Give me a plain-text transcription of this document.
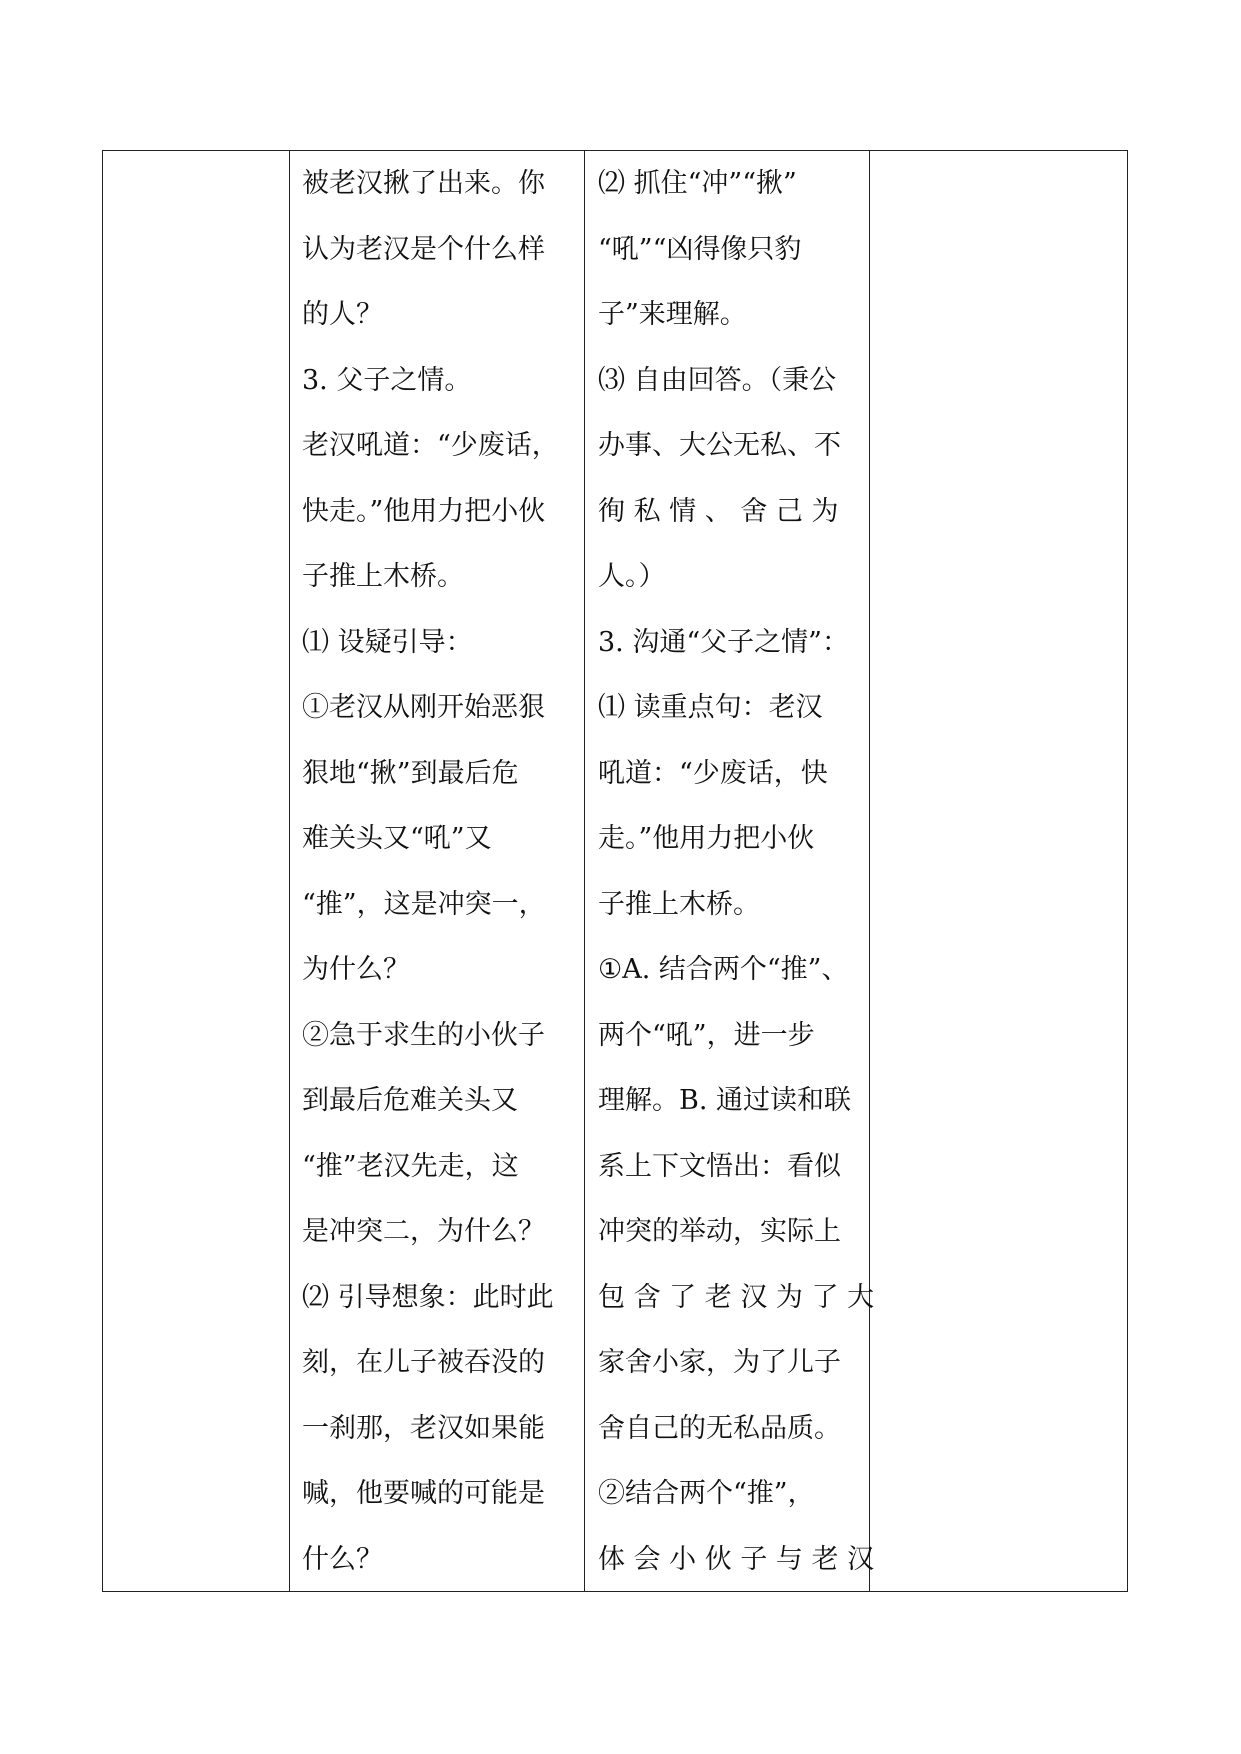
被老汉揪了出来。你
认为老汉是个什么样
的人？
3. 父子之情。
老汉吼道：“少废话，
快走。”他用力把小伙
子推上木桥。
⑴ 设疑引导：
①老汉从刚开始恶狠
狠地“揪”到最后危
难关头又“吼”又
“推”，这是冲突一，
为什么？
②急于求生的小伙子
到最后危难关头又
“推”老汉先走，这
是冲突二，为什么？
⑵ 引导想象：此时此
刻，在儿子被吞没的
一刹那，老汉如果能
喊，他要喊的可能是
什么？
⑵ 抓住“冲”“揪”
“吼”“凶得像只豹
子”来理解。
⑶ 自由回答。（秉公
办事、大公无私、不
徇 私 情 、 舍 己 为
人。）
3. 沟通“父子之情”：
⑴ 读重点句：老汉
吼道：“少废话，快
走。”他用力把小伙
子推上木桥。
①A. 结合两个“推”、
两个“吼”，进一步
理解。B. 通过读和联
系上下文悟出：看似
冲突的举动，实际上
包 含 了 老 汉 为 了 大
家舍小家，为了儿子
舍自己的无私品质。
②结合两个“推”，
体 会 小 伙 子 与 老 汉
